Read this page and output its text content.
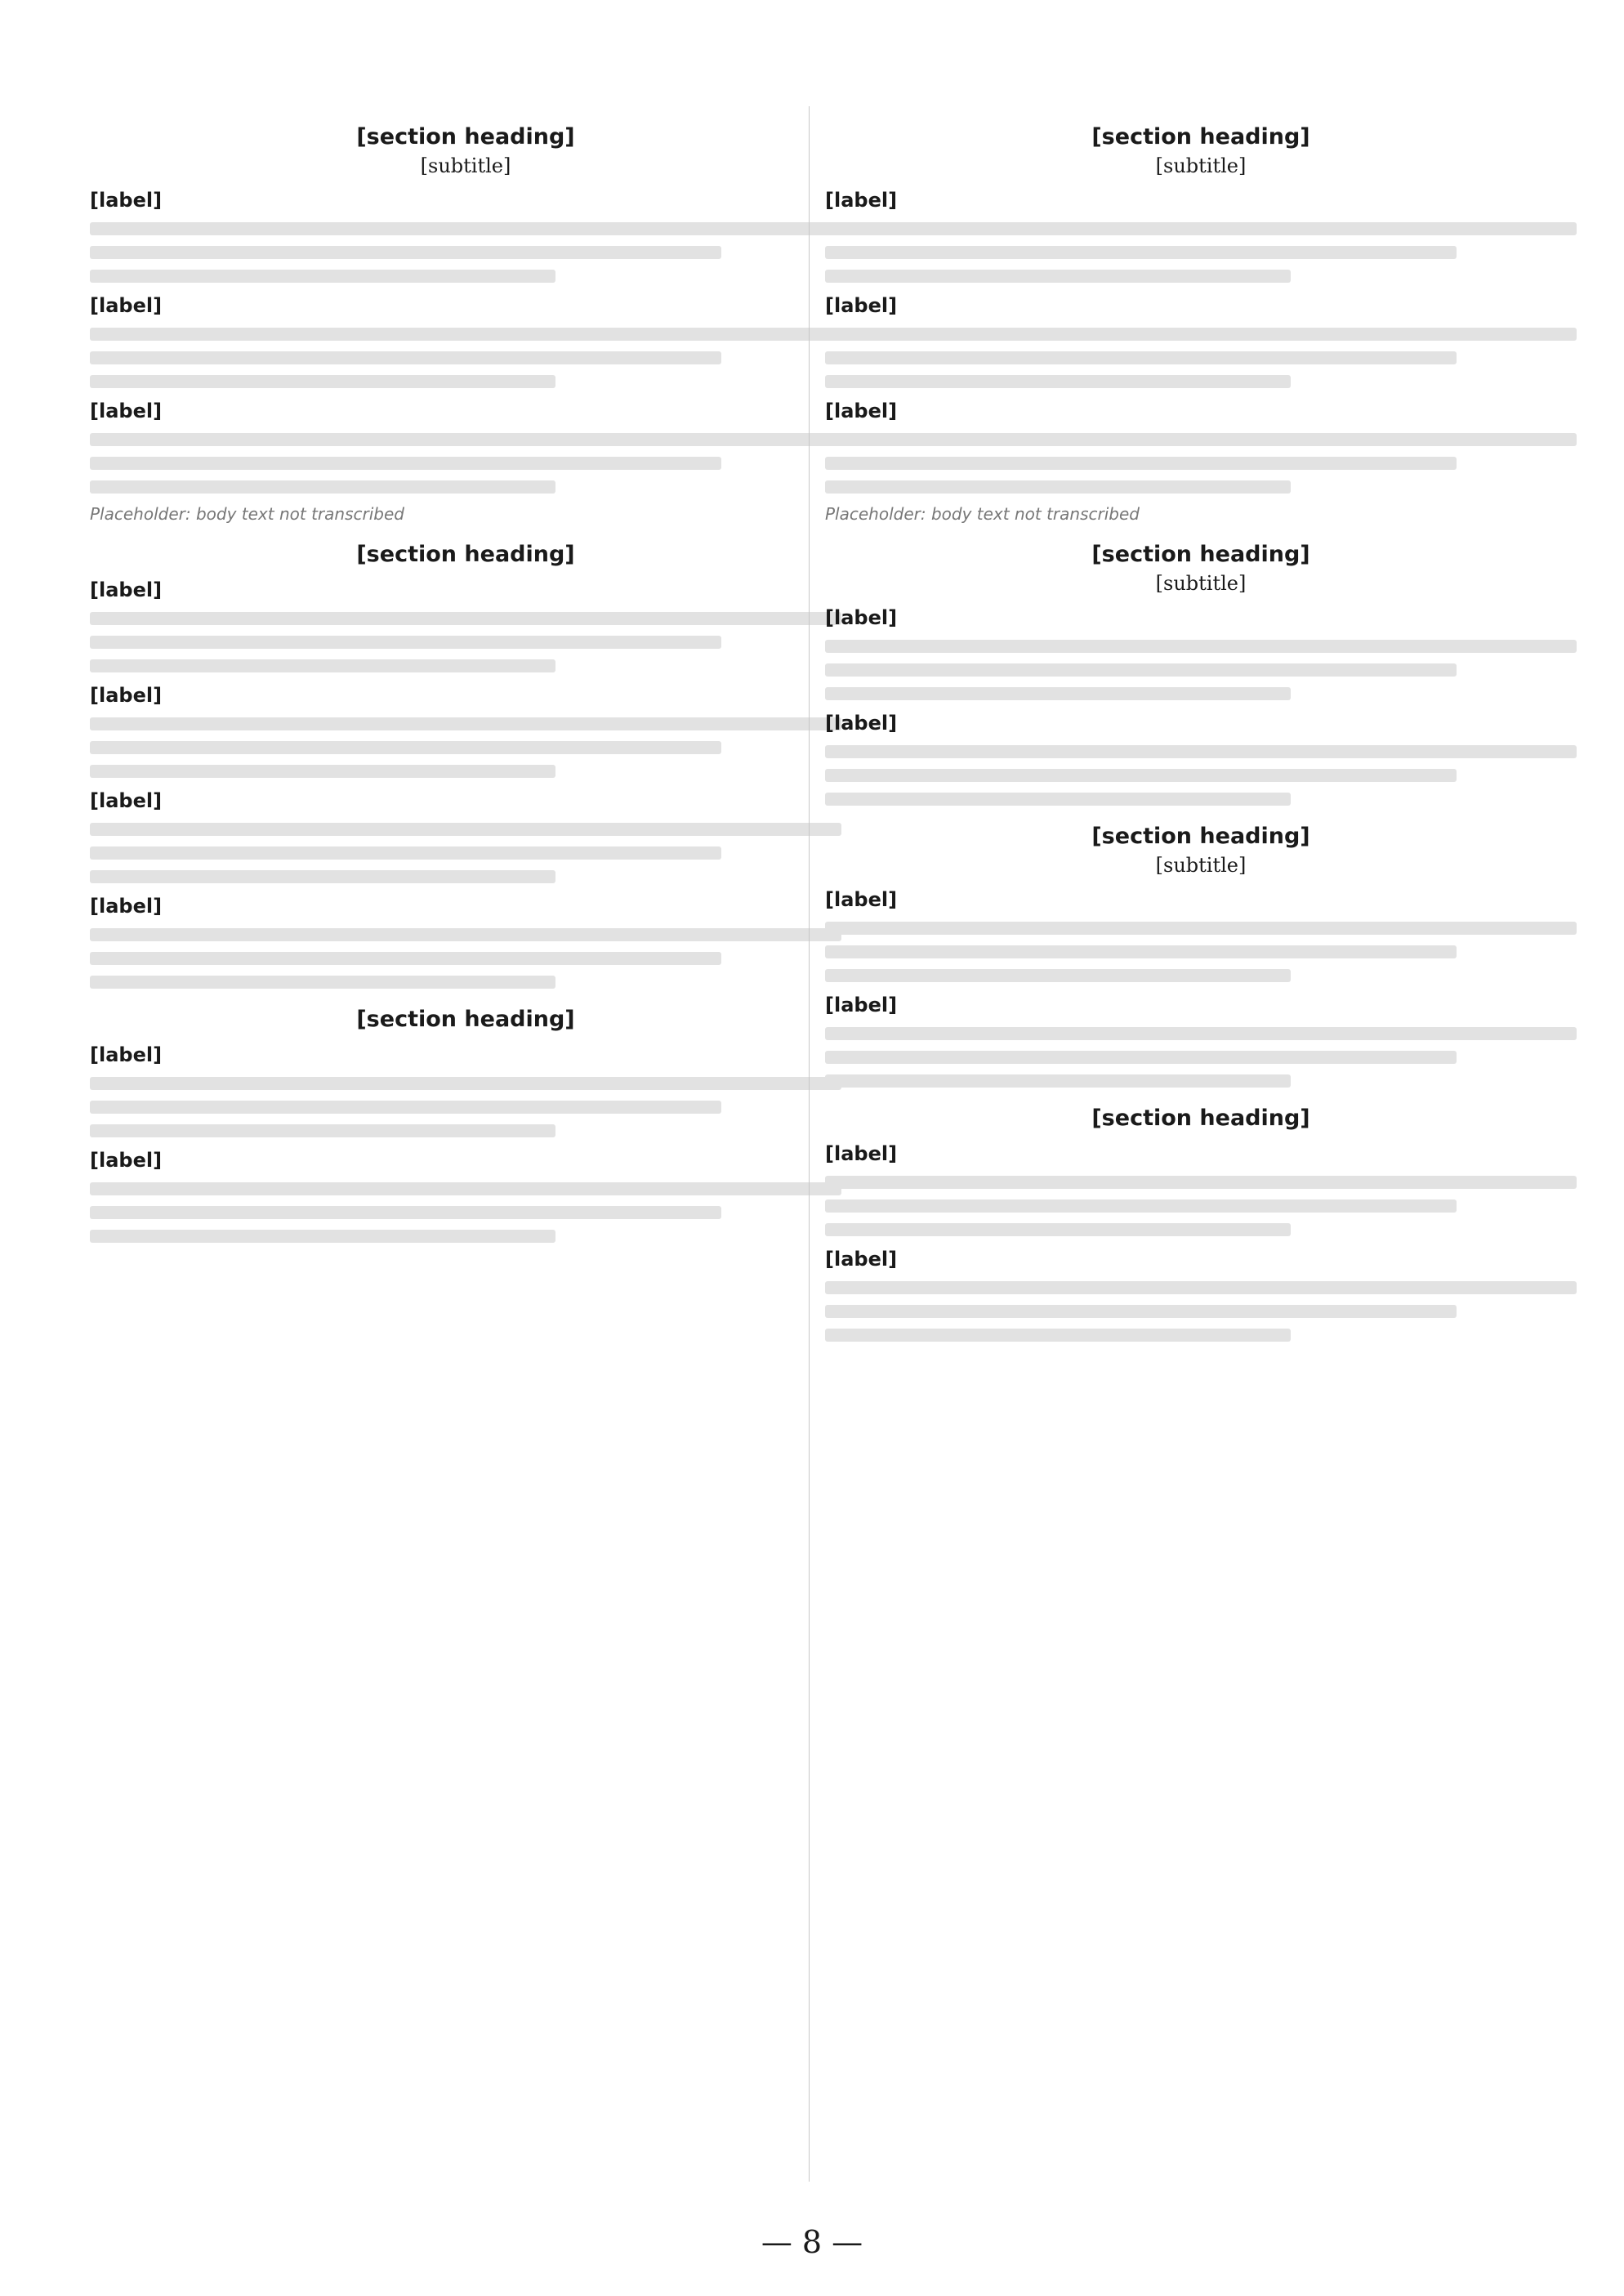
[section heading]
[subtitle]
[label]
[label]
[label]
Placeholder: body text not transcribed
[section heading]
[label]
[label]
[label]
[label]
[section heading]
[label]
[label]
[section heading]
[subtitle]
[label]
[label]
[label]
Placeholder: body text not transcribed
[section heading]
[subtitle]
[label]
[label]
[section heading]
[subtitle]
[label]
[label]
[section heading]
[label]
[label]
— 8 —
